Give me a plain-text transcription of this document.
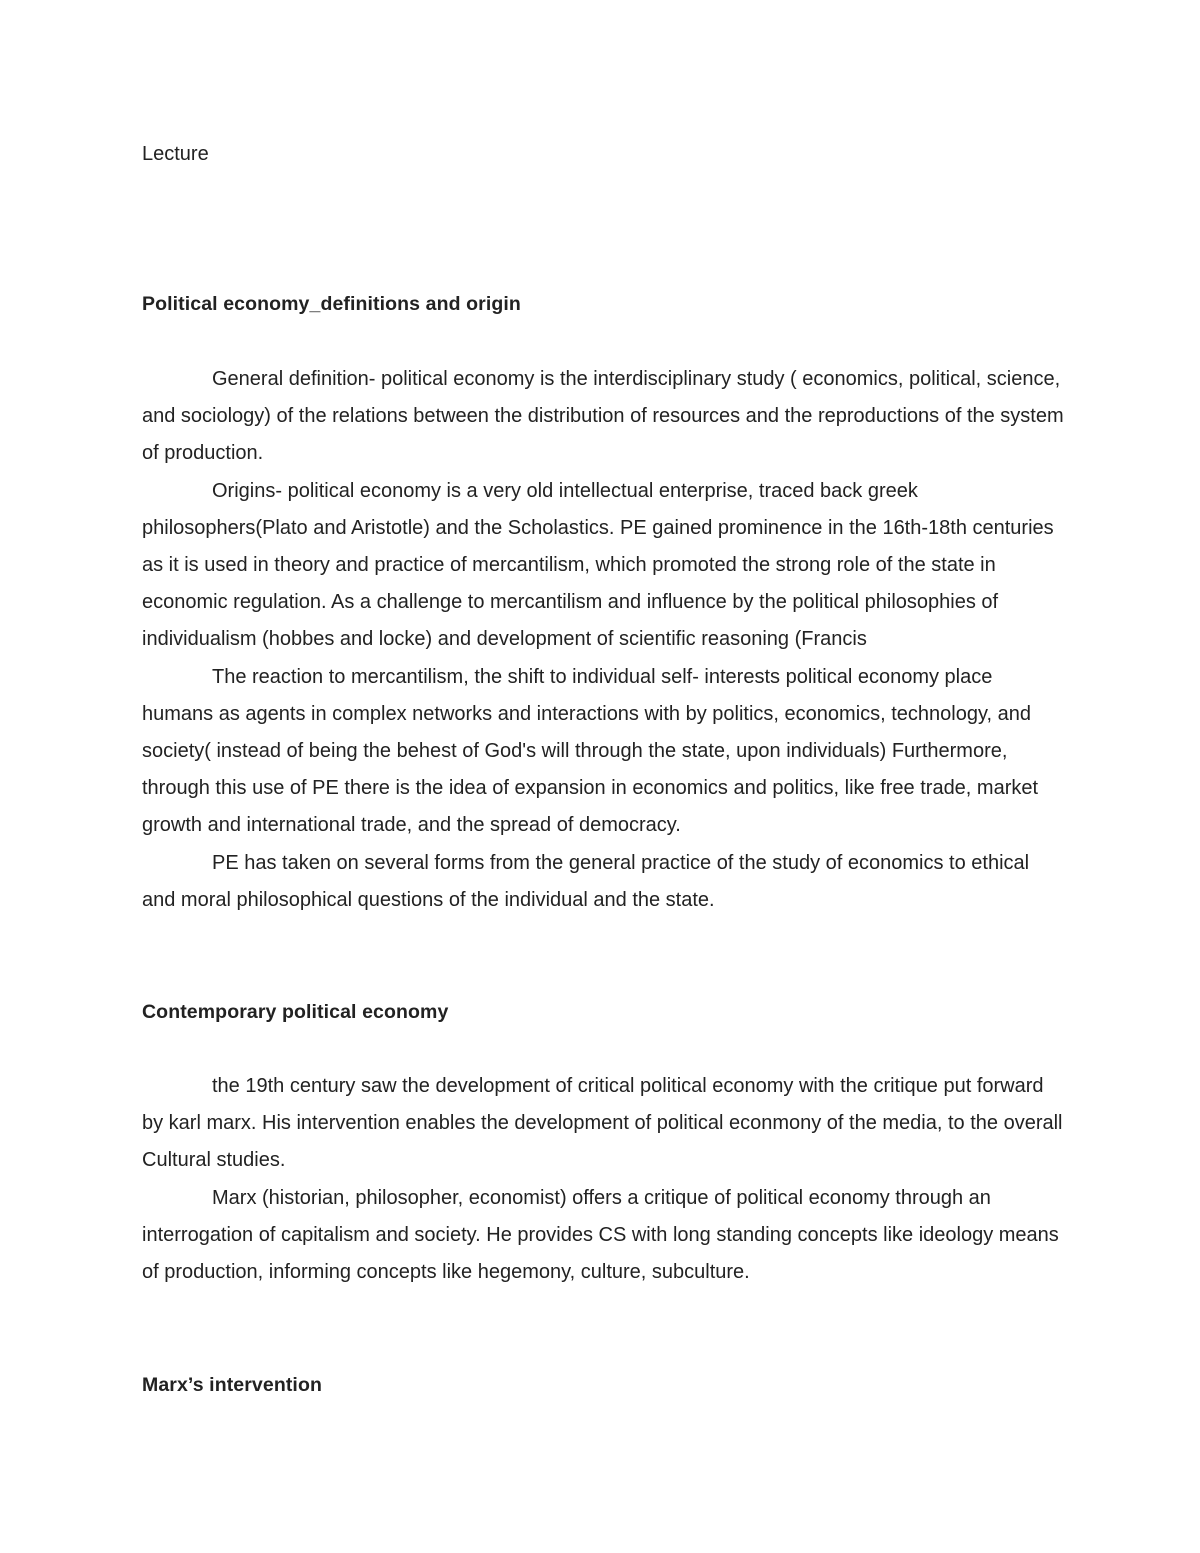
Lecture
Political economy_definitions and origin

General definition- political economy is the interdisciplinary study ( economics, political, science, and sociology) of the relations between the distribution of resources and the reproductions of the system of production.

Origins- political economy is a very old intellectual enterprise, traced back greek philosophers(Plato and Aristotle) and the Scholastics. PE gained prominence in the 16th-18th centuries as it is used in theory and practice of mercantilism, which promoted the strong role of the state in economic regulation. As a challenge to mercantilism and influence by the political philosophies of individualism (hobbes and locke) and development of scientific reasoning (Francis

The reaction to mercantilism, the shift to individual self- interests political economy place humans as agents in complex networks and interactions with by politics, economics, technology, and society( instead of being the behest of God's will through the state, upon individuals) Furthermore, through this use of PE there is the idea of expansion in economics and politics, like free trade, market growth and international trade, and the spread of democracy.

PE has taken on several forms from the general practice of the study of economics to ethical and moral philosophical questions of the individual and the state.

Contemporary political economy

the 19th century saw the development of critical political economy with the critique put forward by karl marx. His intervention enables the development of political econmony of the media, to the overall Cultural studies.

Marx (historian, philosopher, economist) offers a critique of political economy through an interrogation of capitalism and society. He provides CS with long standing concepts like ideology means of production, informing concepts like hegemony, culture, subculture.

Marx’s intervention
